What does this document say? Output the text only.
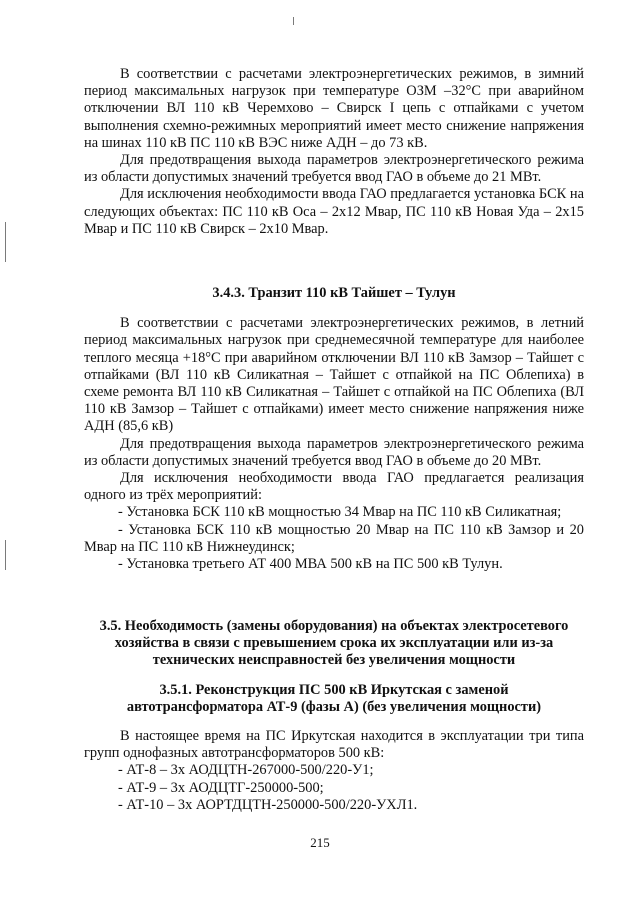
В соответствии с расчетами электроэнергетических режимов, в зимний период максимальных нагрузок при температуре ОЗМ –32°С при аварийном отключении ВЛ 110 кВ Черемхово – Свирск I цепь с отпайками с учетом выполнения схемно-режимных мероприятий имеет место снижение напряжения на шинах 110 кВ ПС 110 кВ ВЭС ниже АДН – до 73 кВ.

Для предотвращения выхода параметров электроэнергетического режима из области допустимых значений требуется ввод ГАО в объеме до 21 МВт.

Для исключения необходимости ввода ГАО предлагается установка БСК на следующих объектах: ПС 110 кВ Оса – 2х12 Мвар, ПС 110 кВ Новая Уда – 2х15 Мвар и ПС 110 кВ Свирск – 2х10 Мвар.

3.4.3. Транзит 110 кВ Тайшет – Тулун

В соответствии с расчетами электроэнергетических режимов, в летний период максимальных нагрузок при среднемесячной температуре для наиболее теплого месяца +18°С при аварийном отключении ВЛ 110 кВ Замзор – Тайшет с отпайками (ВЛ 110 кВ Силикатная – Тайшет с отпайкой на ПС Облепиха) в схеме ремонта ВЛ 110 кВ Силикатная – Тайшет с отпайкой на ПС Облепиха (ВЛ 110 кВ Замзор – Тайшет с отпайками) имеет место снижение напряжения ниже АДН (85,6 кВ)

Для предотвращения выхода параметров электроэнергетического режима из области допустимых значений требуется ввод ГАО в объеме до 20 МВт.

Для исключения необходимости ввода ГАО предлагается реализация одного из трёх мероприятий:

- Установка БСК 110 кВ мощностью 34 Мвар на ПС 110 кВ Силикатная;

- Установка БСК 110 кВ мощностью 20 Мвар на ПС 110 кВ Замзор и 20 Мвар на ПС 110 кВ Нижнеудинск;

- Установка третьего АТ 400 МВА 500 кВ на ПС 500 кВ Тулун.

3.5. Необходимость (замены оборудования) на объектах электросетевого хозяйства в связи с превышением срока их эксплуатации или из-за технических неисправностей без увеличения мощности

3.5.1. Реконструкция ПС 500 кВ Иркутская с заменой автотрансформатора АТ-9 (фазы А) (без увеличения мощности)

В настоящее время на ПС Иркутская находится в эксплуатации три типа групп однофазных автотрансформаторов 500 кВ:

- АТ-8 – 3х АОДЦТН-267000-500/220-У1;

- АТ-9 – 3х АОДЦТГ-250000-500;

- АТ-10 – 3х АОРТДЦТН-250000-500/220-УХЛ1.

215
